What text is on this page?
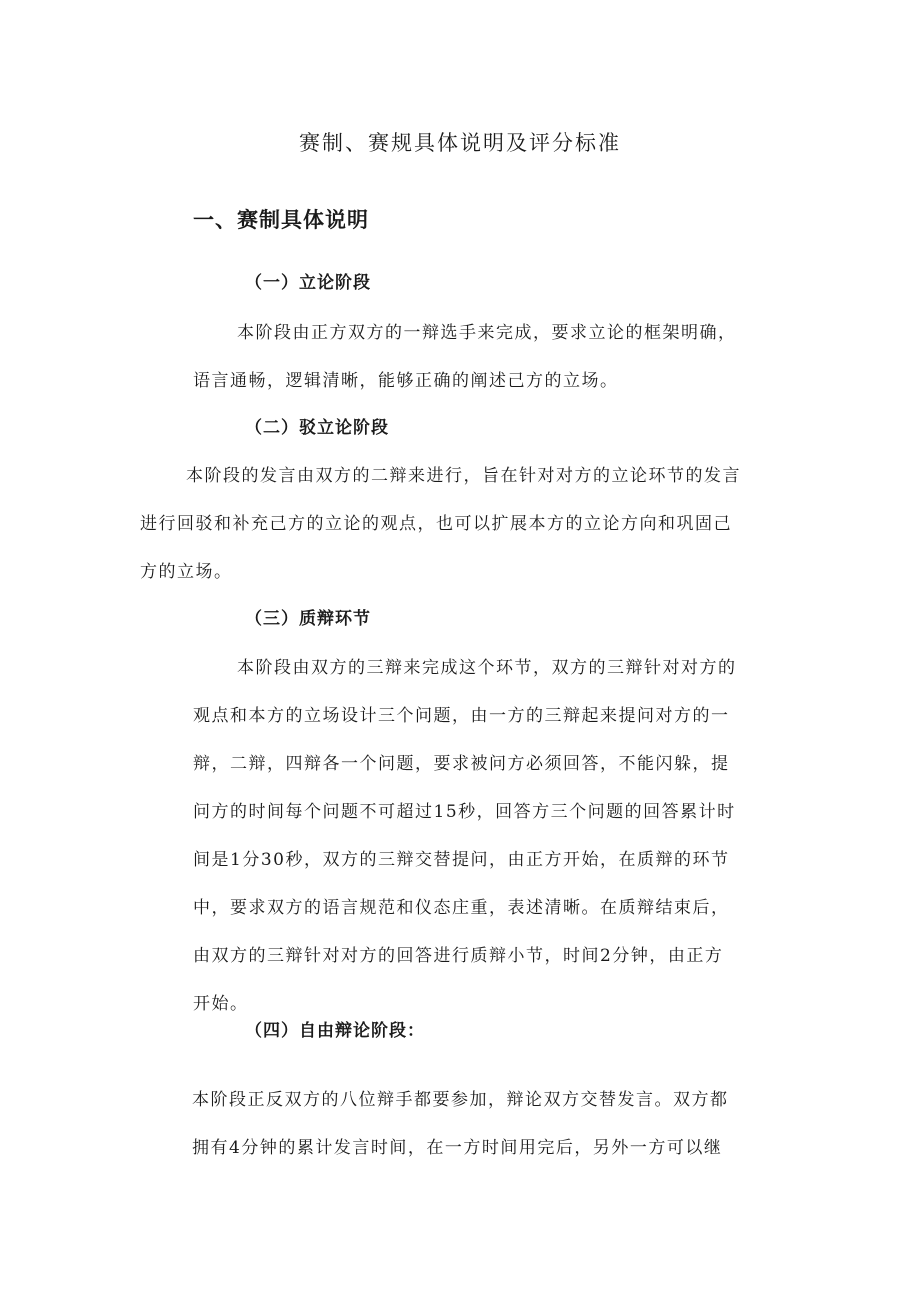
赛制、赛规具体说明及评分标准
一、赛制具体说明
（一）立论阶段
本阶段由正方双方的一辩选手来完成，要求立论的框架明确，
语言通畅，逻辑清晰，能够正确的阐述己方的立场。
（二）驳立论阶段
本阶段的发言由双方的二辩来进行，旨在针对对方的立论环节的发言
进行回驳和补充己方的立论的观点，也可以扩展本方的立论方向和巩固己
方的立场。
（三）质辩环节
本阶段由双方的三辩来完成这个环节，双方的三辩针对对方的
观点和本方的立场设计三个问题，由一方的三辩起来提问对方的一
辩，二辩，四辩各一个问题，要求被问方必须回答，不能闪躲，提
问方的时间每个问题不可超过15秒，回答方三个问题的回答累计时
间是1分30秒，双方的三辩交替提问，由正方开始，在质辩的环节
中，要求双方的语言规范和仪态庄重，表述清晰。在质辩结束后，
由双方的三辩针对对方的回答进行质辩小节，时间2分钟，由正方
开始。
（四）自由辩论阶段：
本阶段正反双方的八位辩手都要参加，辩论双方交替发言。双方都
拥有4分钟的累计发言时间，在一方时间用完后，另外一方可以继
